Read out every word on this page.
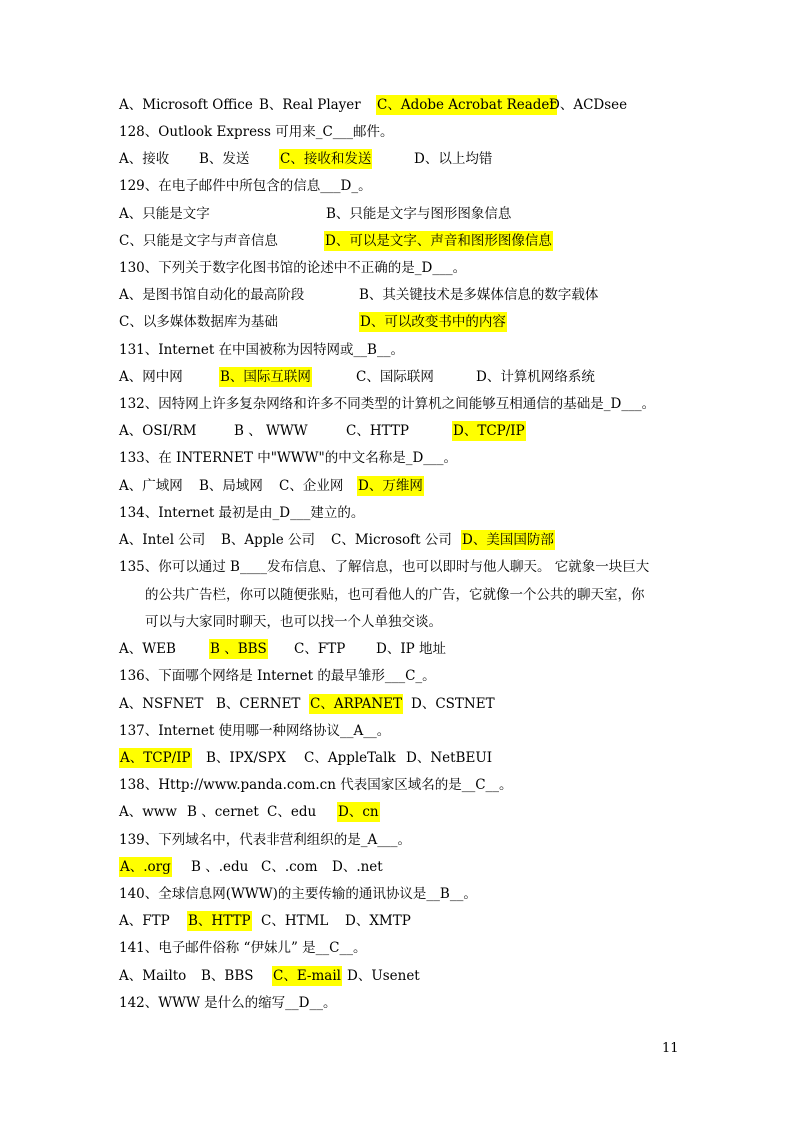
A、Microsoft Office B、Real Player C、Adobe Acrobat Reader
D、ACDsee
128、Outlook Express 可用来_C___邮件。
A、接收 B、发送 C、接收和发送	D、以上均错
129、在电子邮件中所包含的信息___D_。
A、只能是文字	B、只能是文字与图形图象信息
C、只能是文字与声音信息	D、可以是文字、声音和图形图像信息
130、下列关于数字化图书馆的论述中不正确的是_D___。
A、是图书馆自动化的最高阶段	B、其关键技术是多媒体信息的数字载体
C、以多媒体数据库为基础	D、可以改变书中的内容
131、Internet 在中国被称为因特网或__B__。
A、网中网	B、国际互联网	C、国际联网	D、计算机网络系统
132、因特网上许多复杂网络和许多不同类型的计算机之间能够互相通信的基础是_D___。
A、OSI/RM	B 、 WWW	C、HTTP	D、TCP/IP
133、在 INTERNET 中"WWW"的中文名称是_D___。
A、广域网 B、局域网 C、企业网 D、万维网
134、Internet 最初是由_D___建立的。
A、Intel 公司 B、Apple 公司 C、Microsoft 公司 D、美国国防部
135、你可以通过 B____发布信息、了解信息，也可以即时与他人聊天。 它就象一块巨大
的公共广告栏，你可以随便张贴，也可看他人的广告，它就像一个公共的聊天室，你
可以与大家同时聊天，也可以找一个人单独交谈。
A、WEB	B 、BBS C、FTP D、IP 地址
136、下面哪个网络是 Internet 的最早雏形___C_。
A、NSFNET B、CERNET C、ARPANET D、CSTNET
137、Internet 使用哪一种网络协议__A__。
A、TCP/IP B、IPX/SPX C、AppleTalk D、NetBEUI
138、Http://www.panda.com.cn 代表国家区域名的是__C__。
A、www B 、cernet C、edu D、cn
139、下列域名中，代表非营利组织的是_A___。
A、.org B 、.edu C、.com D、.net
140、全球信息网(WWW)的主要传输的通讯协议是__B__。
A、FTP B、HTTP C、HTML D、XMTP
141、电子邮件俗称 “伊妹儿” 是__C__。
A、Mailto B、BBS C、E-mail D、Usenet
142、WWW 是什么的缩写__D__。
11
